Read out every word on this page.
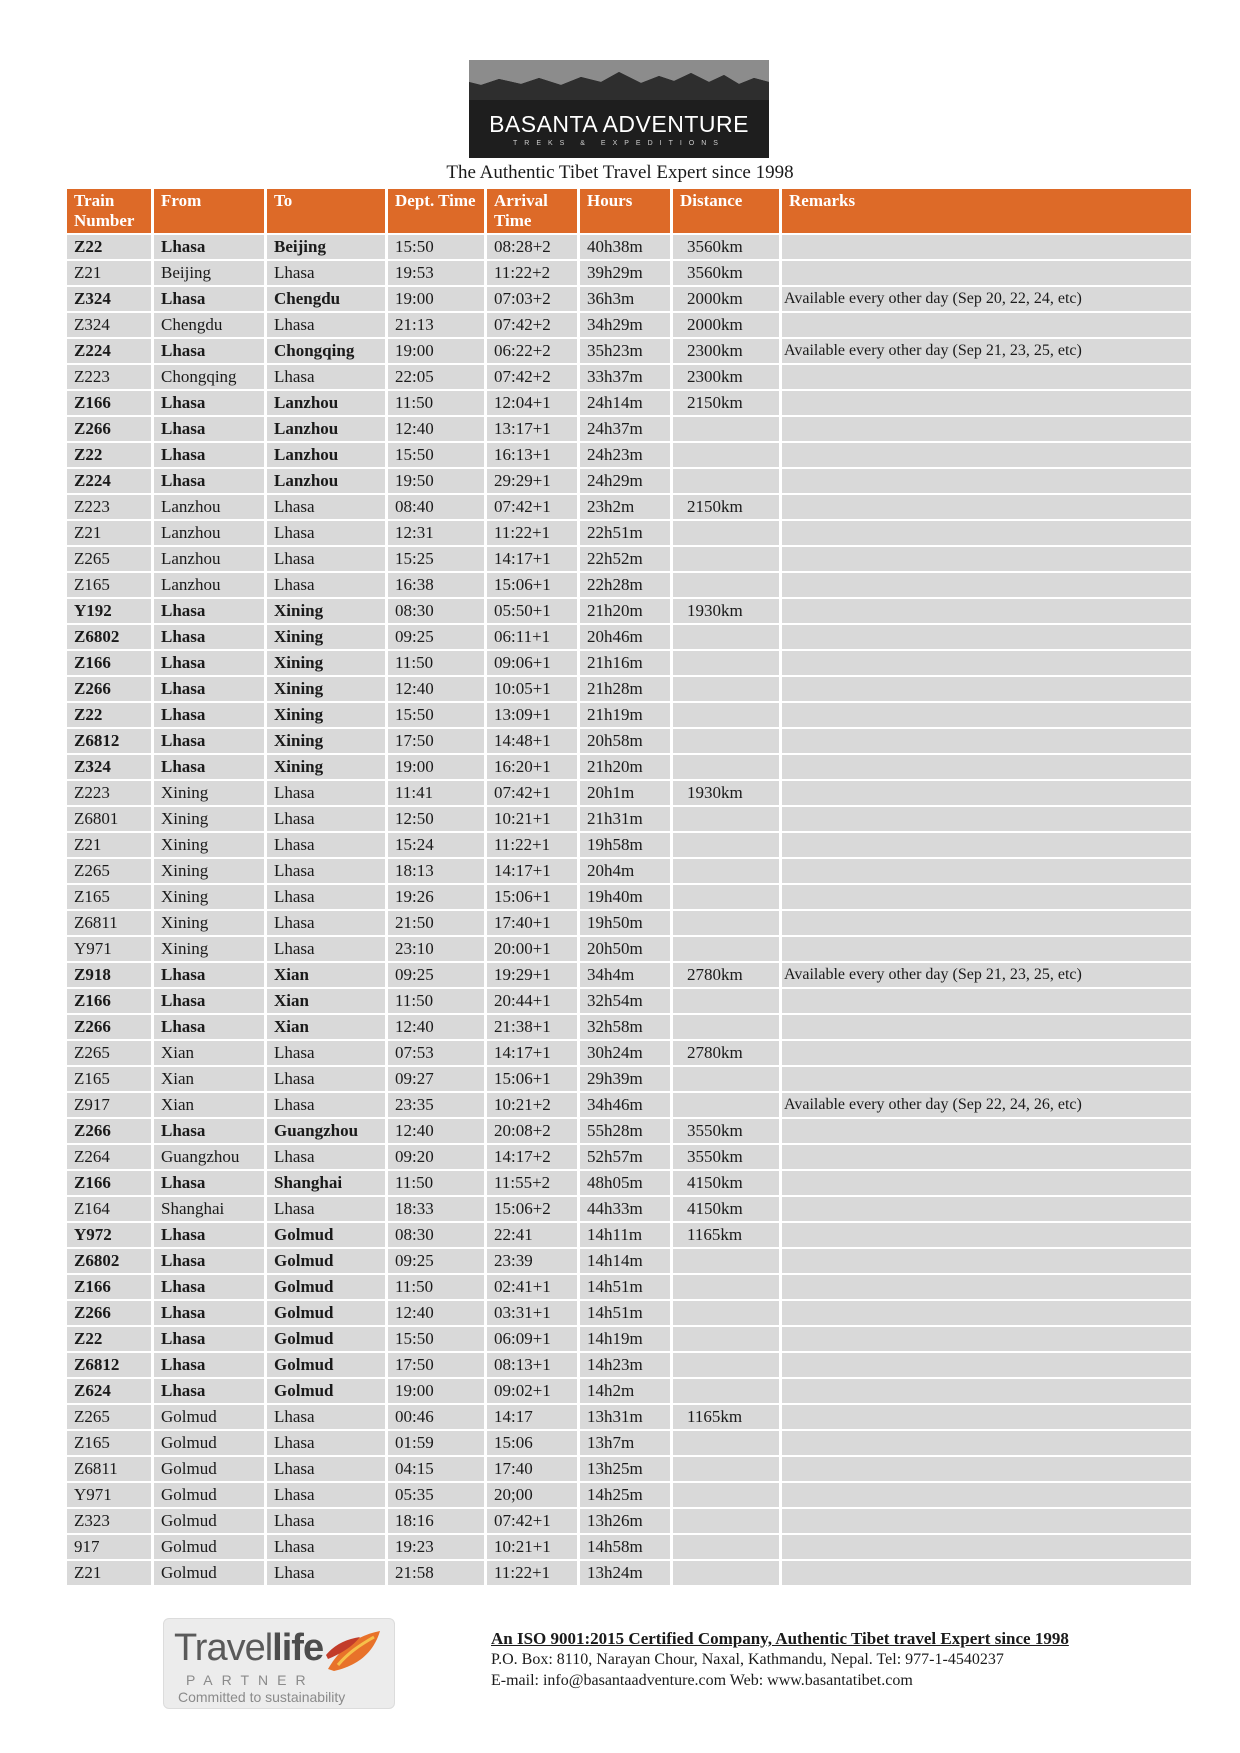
BASANTA ADVENTURE
TREKS & EXPEDITIONS
The Authentic Tibet Travel Expert since 1998
Train Number	From	To	Dept. Time	Arrival Time	Hours	Distance	Remarks
Z22	Lhasa	Beijing	15:50	08:28+2	40h38m	3560km	
Z21	Beijing	Lhasa	19:53	11:22+2	39h29m	3560km	
Z324	Lhasa	Chengdu	19:00	07:03+2	36h3m	2000km	Available every other day (Sep 20, 22, 24, etc)
Z324	Chengdu	Lhasa	21:13	07:42+2	34h29m	2000km	
Z224	Lhasa	Chongqing	19:00	06:22+2	35h23m	2300km	Available every other day (Sep 21, 23, 25, etc)
Z223	Chongqing	Lhasa	22:05	07:42+2	33h37m	2300km	
Z166	Lhasa	Lanzhou	11:50	12:04+1	24h14m	2150km	
Z266	Lhasa	Lanzhou	12:40	13:17+1	24h37m		
Z22	Lhasa	Lanzhou	15:50	16:13+1	24h23m		
Z224	Lhasa	Lanzhou	19:50	29:29+1	24h29m		
Z223	Lanzhou	Lhasa	08:40	07:42+1	23h2m	2150km	
Z21	Lanzhou	Lhasa	12:31	11:22+1	22h51m		
Z265	Lanzhou	Lhasa	15:25	14:17+1	22h52m		
Z165	Lanzhou	Lhasa	16:38	15:06+1	22h28m		
Y192	Lhasa	Xining	08:30	05:50+1	21h20m	1930km	
Z6802	Lhasa	Xining	09:25	06:11+1	20h46m		
Z166	Lhasa	Xining	11:50	09:06+1	21h16m		
Z266	Lhasa	Xining	12:40	10:05+1	21h28m		
Z22	Lhasa	Xining	15:50	13:09+1	21h19m		
Z6812	Lhasa	Xining	17:50	14:48+1	20h58m		
Z324	Lhasa	Xining	19:00	16:20+1	21h20m		
Z223	Xining	Lhasa	11:41	07:42+1	20h1m	1930km	
Z6801	Xining	Lhasa	12:50	10:21+1	21h31m		
Z21	Xining	Lhasa	15:24	11:22+1	19h58m		
Z265	Xining	Lhasa	18:13	14:17+1	20h4m		
Z165	Xining	Lhasa	19:26	15:06+1	19h40m		
Z6811	Xining	Lhasa	21:50	17:40+1	19h50m		
Y971	Xining	Lhasa	23:10	20:00+1	20h50m		
Z918	Lhasa	Xian	09:25	19:29+1	34h4m	2780km	Available every other day (Sep 21, 23, 25, etc)
Z166	Lhasa	Xian	11:50	20:44+1	32h54m		
Z266	Lhasa	Xian	12:40	21:38+1	32h58m		
Z265	Xian	Lhasa	07:53	14:17+1	30h24m	2780km	
Z165	Xian	Lhasa	09:27	15:06+1	29h39m		
Z917	Xian	Lhasa	23:35	10:21+2	34h46m		Available every other day (Sep 22, 24, 26, etc)
Z266	Lhasa	Guangzhou	12:40	20:08+2	55h28m	3550km	
Z264	Guangzhou	Lhasa	09:20	14:17+2	52h57m	3550km	
Z166	Lhasa	Shanghai	11:50	11:55+2	48h05m	4150km	
Z164	Shanghai	Lhasa	18:33	15:06+2	44h33m	4150km	
Y972	Lhasa	Golmud	08:30	22:41	14h11m	1165km	
Z6802	Lhasa	Golmud	09:25	23:39	14h14m		
Z166	Lhasa	Golmud	11:50	02:41+1	14h51m		
Z266	Lhasa	Golmud	12:40	03:31+1	14h51m		
Z22	Lhasa	Golmud	15:50	06:09+1	14h19m		
Z6812	Lhasa	Golmud	17:50	08:13+1	14h23m		
Z624	Lhasa	Golmud	19:00	09:02+1	14h2m		
Z265	Golmud	Lhasa	00:46	14:17	13h31m	1165km	
Z165	Golmud	Lhasa	01:59	15:06	13h7m		
Z6811	Golmud	Lhasa	04:15	17:40	13h25m		
Y971	Golmud	Lhasa	05:35	20;00	14h25m		
Z323	Golmud	Lhasa	18:16	07:42+1	13h26m		
917	Golmud	Lhasa	19:23	10:21+1	14h58m		
Z21	Golmud	Lhasa	21:58	11:22+1	13h24m		
Travellife
PARTNER
Committed to sustainability
An ISO 9001:2015 Certified Company, Authentic Tibet travel Expert since 1998
P.O. Box: 8110, Narayan Chour, Naxal, Kathmandu, Nepal. Tel: 977-1-4540237
E-mail: info@basantaadventure.com Web: www.basantatibet.com
